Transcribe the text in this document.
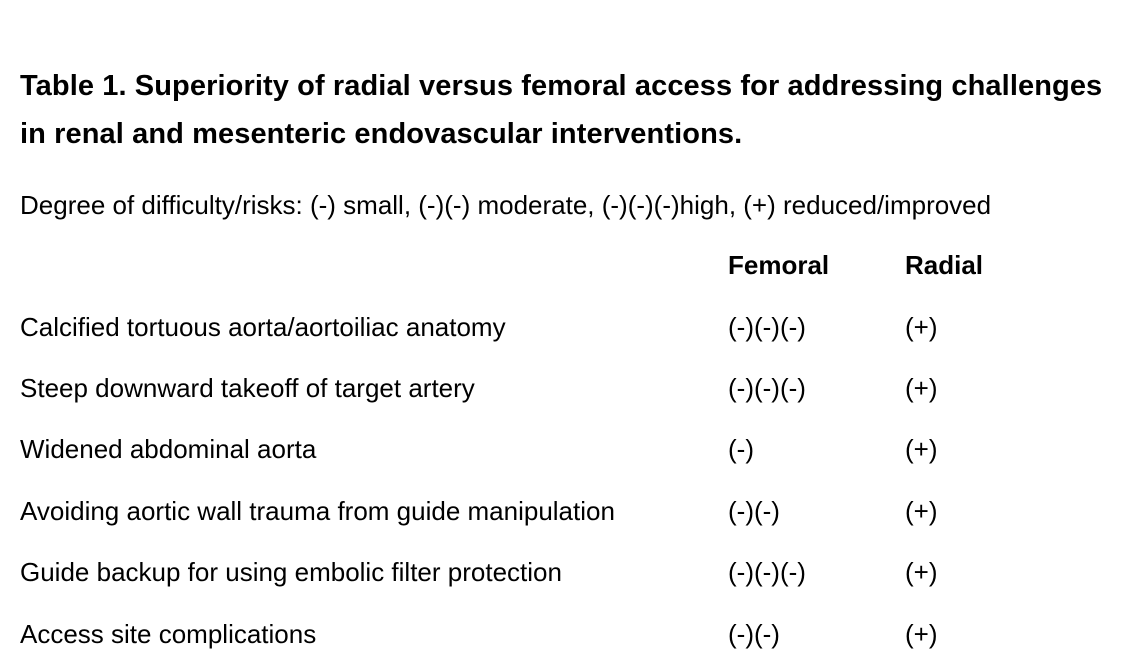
Table 1. Superiority of radial versus femoral access for addressing challenges in renal and mesenteric endovascular interventions.
Degree of difficulty/risks: (-) small, (-)(-) moderate, (-)(-)(-)high, (+) reduced/improved
	Femoral	Radial
Calcified tortuous aorta/aortoiliac anatomy	(-)(-)(-)	(+)
Steep downward takeoff of target artery	(-)(-)(-)	(+)
Widened abdominal aorta	(-)	(+)
Avoiding aortic wall trauma from guide manipulation	(-)(-)	(+)
Guide backup for using embolic filter protection	(-)(-)(-)	(+)
Access site complications	(-)(-)	(+)
